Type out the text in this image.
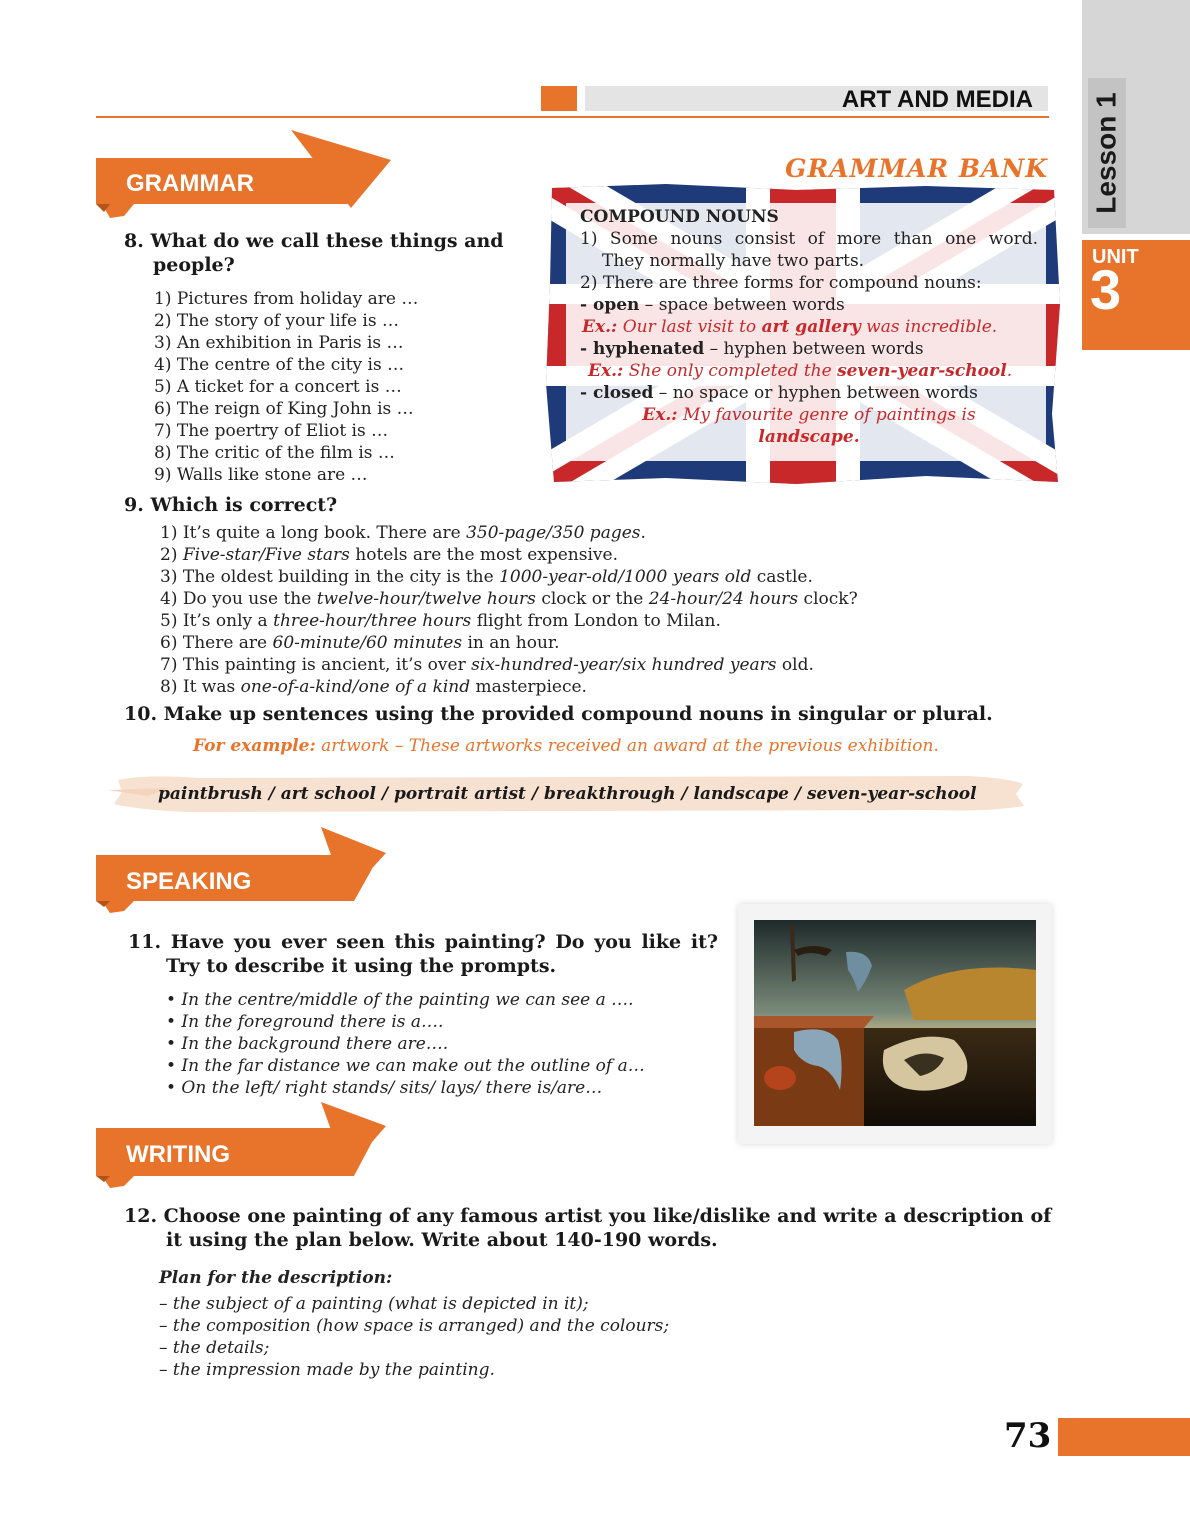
ART AND MEDIA Lesson 1
UNIT
3
GRAMMAR
GRAMMAR BANK
COMPOUND NOUNS
1) Some nouns consist of more than one word.
They normally have two parts.
2) There are three forms for compound nouns:
- open – space between words
Ex.: Our last visit to art gallery was incredible.
- hyphenated – hyphen between words
Ex.: She only completed the seven-year-school.
- closed – no space or hyphen between words
Ex.: My favourite genre of paintings is
landscape.
8. What do we call these things and
people?
1) Pictures from holiday are …
2) The story of your life is …
3) An exhibition in Paris is …
4) The centre of the city is …
5) A ticket for a concert is …
6) The reign of King John is …
7) The poertry of Eliot is …
8) The critic of the film is …
9) Walls like stone are …
9. Which is correct?
1) It’s quite a long book. There are 350-page/350 pages.
2) Five-star/Five stars hotels are the most expensive.
3) The oldest building in the city is the 1000-year-old/1000 years old castle.
4) Do you use the twelve-hour/twelve hours clock or the 24-hour/24 hours clock?
5) It’s only a three-hour/three hours flight from London to Milan.
6) There are 60-minute/60 minutes in an hour.
7) This painting is ancient, it’s over six-hundred-year/six hundred years old.
8) It was one-of-a-kind/one of a kind masterpiece.
10. Make up sentences using the provided compound nouns in singular or plural.
For example: artwork – These artworks received an award at the previous exhibition.
paintbrush / art school / portrait artist / breakthrough / landscape / seven-year-school
SPEAKING
11. Have you ever seen this painting? Do you like it?
Try to describe it using the prompts.
• In the centre/middle of the painting we can see a ….
• In the foreground there is a….
• In the background there are….
• In the far distance we can make out the outline of a…
• On the left/ right stands/ sits/ lays/ there is/are…
WRITING
12. Choose one painting of any famous artist you like/dislike and write a description of
it using the plan below. Write about 140-190 words.
Plan for the description:
– the subject of a painting (what is depicted in it);
– the composition (how space is arranged) and the colours;
– the details;
– the impression made by the painting.
73
